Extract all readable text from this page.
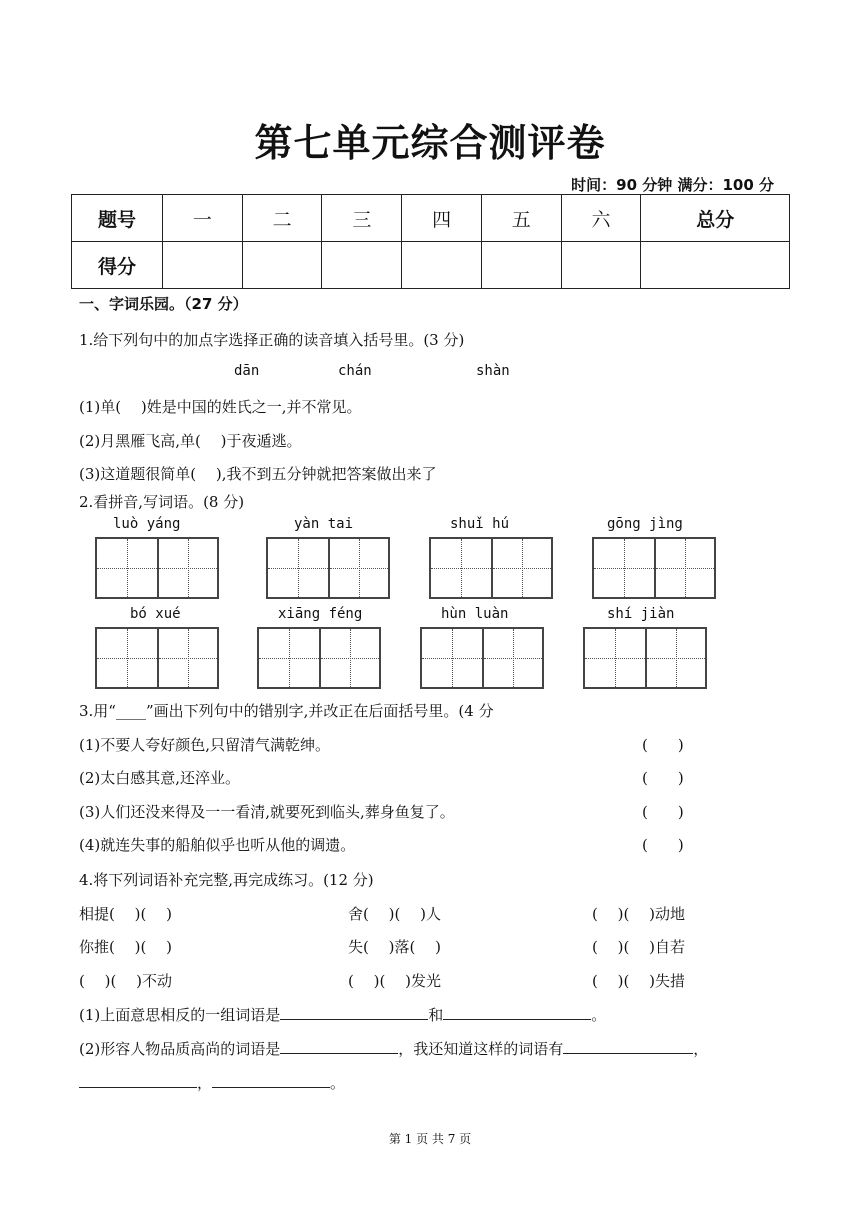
第七单元综合测评卷
时间：90 分钟 满分：100 分
题号	一	二	三	四	五	六	总分
得分							
一、字词乐园。（27 分）
1.给下列句中的加点字选择正确的读音填入括号里。(3 分)
dān	chán	shàn
(1)单(　 )姓是中国的姓氏之一,并不常见。
(2)月黑雁飞高,单(　 )于夜遁逃。
(3)这道题很简单(　 ),我不到五分钟就把答案做出来了
2.看拼音,写词语。(8 分)
luò yáng	yàn tai	shuǐ hú	gōng jìng
bó xué	xiāng féng	hùn luàn	shí jiàn
3.用“____”画出下列句中的错别字,并改正在后面括号里。(4 分
(1)不要人夸好颜色,只留清气满乾绅。	(　　)
(2)太白感其意,还淬业。	(　　)
(3)人们还没来得及一一看清,就要死到临头,葬身鱼复了。	(　　)
(4)就连失事的船舶似乎也听从他的调遗。	(　　)
4.将下列词语补充完整,再完成练习。(12 分)
相提(　 )(　 )	舍(　 )(　 )人	(　 )(　 )动地
你推(　 )(　 )	失(　 )落(　 )	(　 )(　 )自若
(　 )(　 )不动	(　 )(　 )发光	(　 )(　 )失措
(1)上面意思相反的一组词语是	和	。
(2)形容人物品质高尚的词语是	，我还知道这样的词语有	，
，	。
第 1 页 共 7 页
